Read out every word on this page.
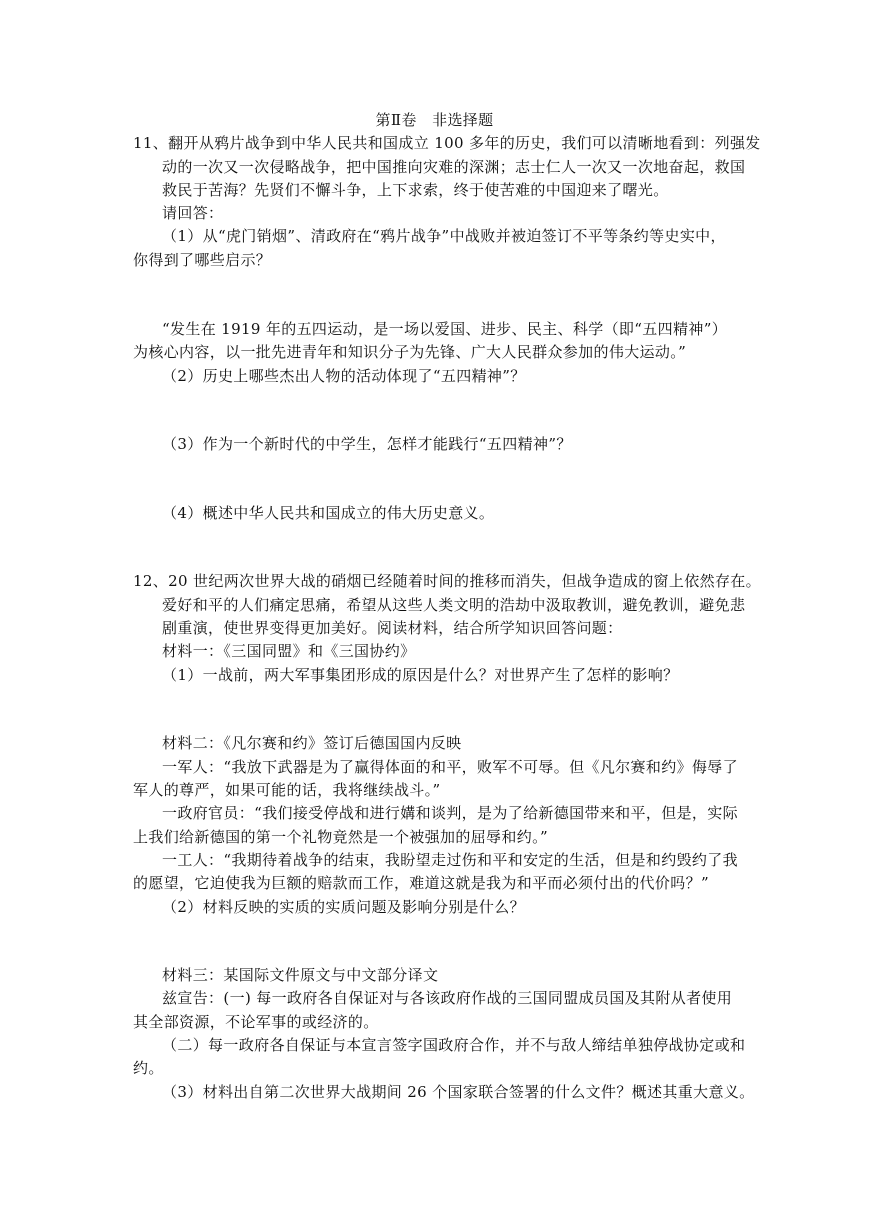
第Ⅱ卷　非选择题
11、翻开从鸦片战争到中华人民共和国成立 100 多年的历史，我们可以清晰地看到：列强发
动的一次又一次侵略战争，把中国推向灾难的深渊；志士仁人一次又一次地奋起，救国
救民于苦海？先贤们不懈斗争，上下求索，终于使苦难的中国迎来了曙光。
请回答：
（1）从“虎门销烟”、清政府在“鸦片战争”中战败并被迫签订不平等条约等史实中，
你得到了哪些启示？
“发生在 1919 年的五四运动，是一场以爱国、进步、民主、科学（即“五四精神”）
为核心内容，以一批先进青年和知识分子为先锋、广大人民群众参加的伟大运动。”
（2）历史上哪些杰出人物的活动体现了“五四精神”？
（3）作为一个新时代的中学生，怎样才能践行“五四精神”？
（4）概述中华人民共和国成立的伟大历史意义。
12、20 世纪两次世界大战的硝烟已经随着时间的推移而消失，但战争造成的窗上依然存在。
爱好和平的人们痛定思痛，希望从这些人类文明的浩劫中汲取教训，避免教训，避免悲
剧重演，使世界变得更加美好。阅读材料，结合所学知识回答问题：
材料一：《三国同盟》和《三国协约》
（1）一战前，两大军事集团形成的原因是什么？对世界产生了怎样的影响？
材料二：《凡尔赛和约》签订后德国国内反映
一军人：“我放下武器是为了赢得体面的和平，败军不可辱。但《凡尔赛和约》侮辱了
军人的尊严，如果可能的话，我将继续战斗。”
一政府官员：“我们接受停战和进行媾和谈判，是为了给新德国带来和平，但是，实际
上我们给新德国的第一个礼物竟然是一个被强加的屈辱和约。”
一工人：“我期待着战争的结束，我盼望走过伤和平和安定的生活，但是和约毁约了我
的愿望，它迫使我为巨额的赔款而工作，难道这就是我为和平而必须付出的代价吗？”
（2）材料反映的实质的实质问题及影响分别是什么？
材料三：某国际文件原文与中文部分译文
兹宣告：(一) 每一政府各自保证对与各该政府作战的三国同盟成员国及其附从者使用
其全部资源，不论军事的或经济的。
（二）每一政府各自保证与本宣言签字国政府合作，并不与敌人缔结单独停战协定或和
约。
（3）材料出自第二次世界大战期间 26 个国家联合签署的什么文件？概述其重大意义。
